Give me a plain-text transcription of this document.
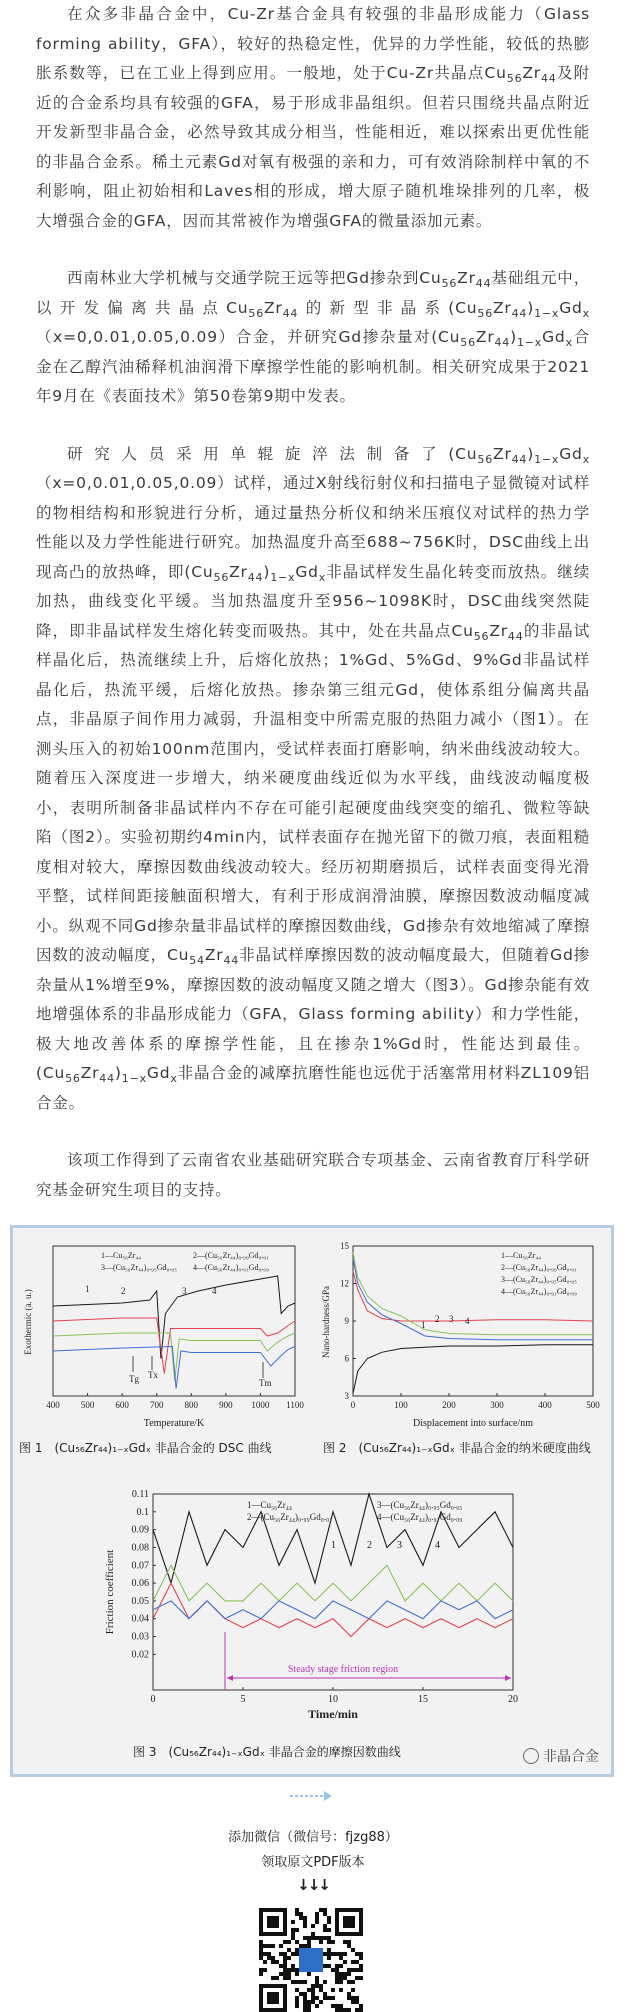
在众多非晶合金中，Cu-Zr基合金具有较强的非晶形成能力（Glass forming ability，GFA），较好的热稳定性，优异的力学性能，较低的热膨胀系数等，已在工业上得到应用。一般地，处于Cu-Zr共晶点$Cu_{56}Zr_{44}$及附近的合金系均具有较强的GFA，易于形成非晶组织。但若只围绕共晶点附近开发新型非晶合金，必然导致其成分相当，性能相近，难以探索出更优性能的非晶合金系。稀土元素Gd对氧有极强的亲和力，可有效消除制样中氧的不利影响，阻止初始相和Laves相的形成，增大原子随机堆垛排列的几率，极大增强合金的GFA，因而其常被作为增强GFA的微量添加元素。

西南林业大学机械与交通学院王远等把Gd掺杂到$Cu_{56}Zr_{44}$基础组元中，以开发偏离共晶点$Cu_{56}Zr_{44}$的新型非晶系$(Cu_{56}Zr_{44})_{1-x}Gd_x(x=0,0.01,0.05,0.09)$合金，并研究Gd掺杂量对$(Cu_{56}Zr_{44})_{1-x}Gd_x$合金在乙醇汽油稀释机油润滑下摩擦学性能的影响机制。相关研究成果于2021年9月在《表面技术》第50卷第9期中发表。

研究人员采用单辊旋淬法制备了$(Cu_{56}Zr_{44})_{1-x}Gd_x(x=0,0.01,0.05,0.09)$试样，通过X射线衍射仪和扫描电子显微镜对试样的物相结构和形貌进行分析，通过量热分析仪和纳米压痕仪对试样的热力学性能以及力学性能进行研究。加热温度升高至688~756K时，DSC曲线上出现高凸的放热峰，即$(Cu_{56}Zr_{44})_{1-x}Gd_x$非晶试样发生晶化转变而放热。继续加热，曲线变化平缓。当加热温度升至956~1098K时，DSC曲线突然陡降，即非晶试样发生熔化转变而吸热。其中，处在共晶点$Cu_{56}Zr_{44}$的非晶试样晶化后，热流继续上升，后熔化放热；1%Gd、5%Gd、9%Gd非晶试样晶化后，热流平缓，后熔化放热。掺杂第三组元Gd，使体系组分偏离共晶点，非晶原子间作用力减弱，升温相变中所需克服的热阻力减小（图1）。在测头压入的初始100nm范围内，受试样表面打磨影响，纳米曲线波动较大。随着压入深度进一步增大，纳米硬度曲线近似为水平线，曲线波动幅度极小，表明所制备非晶试样内不存在可能引起硬度曲线突变的缩孔、微粒等缺陷（图2）。实验初期约4min内，试样表面存在抛光留下的微刀痕，表面粗糙度相对较大，摩擦因数曲线波动较大。经历初期磨损后，试样表面变得光滑平整，试样间距接触面积增大，有利于形成润滑油膜，摩擦因数波动幅度减小。纵观不同Gd掺杂量非晶试样的摩擦因数曲线，Gd掺杂有效地缩减了摩擦因数的波动幅度，$Cu_{54}Zr_{44}$非晶试样摩擦因数的波动幅度最大，但随着Gd掺杂量从1%增至9%，摩擦因数的波动幅度又随之增大（图3）。Gd掺杂能有效地增强体系的非晶形成能力（GFA，Glass forming ability）和力学性能，极大地改善体系的摩擦学性能，且在掺杂1%Gd时，性能达到最佳。$(Cu_{56}Zr_{44})_{1-x}Gd_x$非晶合金的减摩抗磨性能也远优于活塞常用材料ZL109铝合金。

该项工作得到了云南省农业基础研究联合专项基金、云南省教育厅科学研究基金研究生项目的支持。

400 500 600 700 800 900 1000 1100
Exothermic (a. u.)
Temperature/K
1—Cu₅₆Zr₄₄	2—(Cu₅₆Zr₄₄)₀.₉₉Gd₀.₀₁
3—(Cu₅₆Zr₄₄)₀.₉₅Gd₀.₀₅ 4—(Cu₅₆Zr₄₄)₀.₉₁Gd₀.₀₉
1	2	3	4
Tg Tx
Tm
0	100	200	300	400	500
3
6
9
12
15
Nano-hardness/GPa
Displacement into surface/nm
1—Cu₅₆Zr₄₄
2—(Cu₅₆Zr₄₄)₀.₉₉Gd₀.₀₁
3—(Cu₅₆Zr₄₄)₀.₉₅Gd₀.₀₅
4—(Cu₅₆Zr₄₄)₀.₉₁Gd₀.₀₉
1
2 3 4
图 1　(Cu₅₆Zr₄₄)₁₋ₓGdₓ 非晶合金的 DSC 曲线	图 2　(Cu₅₆Zr₄₄)₁₋ₓGdₓ 非晶合金的纳米硬度曲线
0	5	10	15	20
0.02
0.03
0.04
0.05
0.06
0.07
0.08
0.09
0.1
0.11
Friction coefficient
Time/min
1—Cu₅₆Zr₄₄
2—(Cu₅₆Zr₄₄)₀.₉₉Gd₀.₀₁
3—(Cu₅₆Zr₄₄)₀.₉₅Gd₀.₀₅
4—(Cu₅₆Zr₄₄)₀.₉₁Gd₀.₀₉
1	2	3	4
Steady stage friction region
图 3　(Cu₅₆Zr₄₄)₁₋ₓGdₓ 非晶合金的摩擦因数曲线	非晶合金
添加微信（微信号：fjzg88）
领取原文PDF版本
↓↓↓
